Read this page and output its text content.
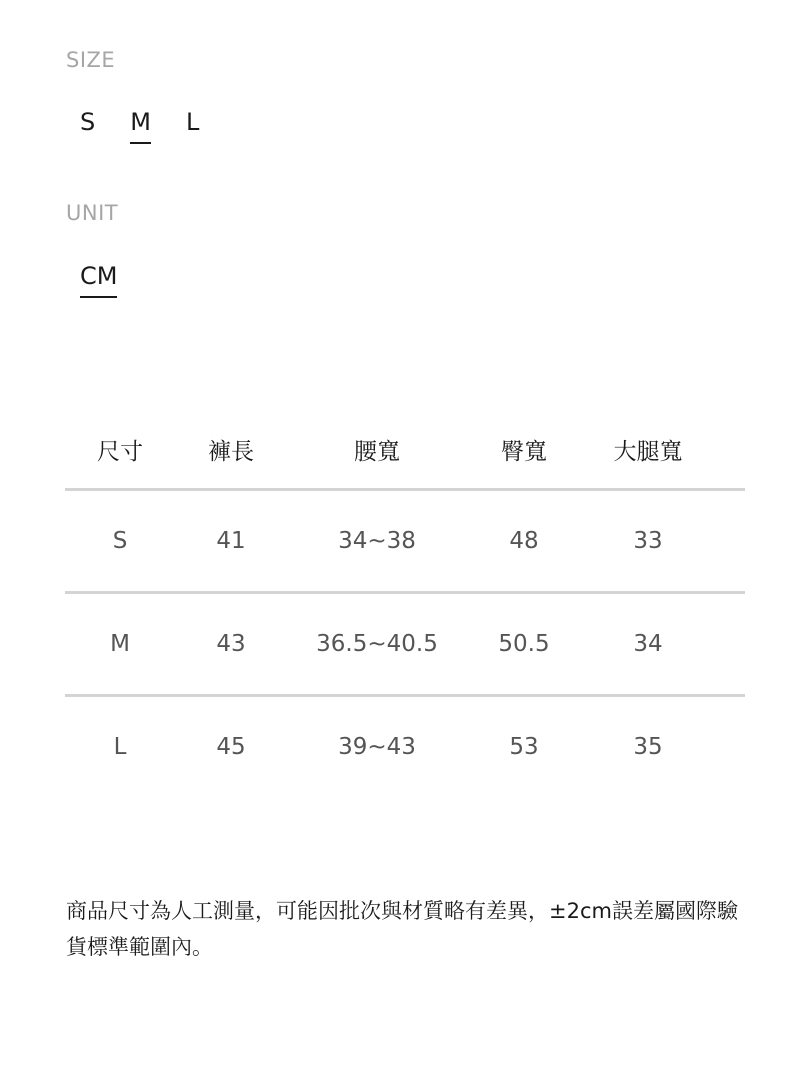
SIZE
S M L
UNIT
CM
尺寸	褲長	腰寬	臀寬	大腿寬
S	41	34~38	48	33
M	43	36.5~40.5	50.5	34
L	45	39~43	53	35
商品尺寸為人工測量，可能因批次與材質略有差異，±2cm誤差屬國際驗貨標準範圍內。
